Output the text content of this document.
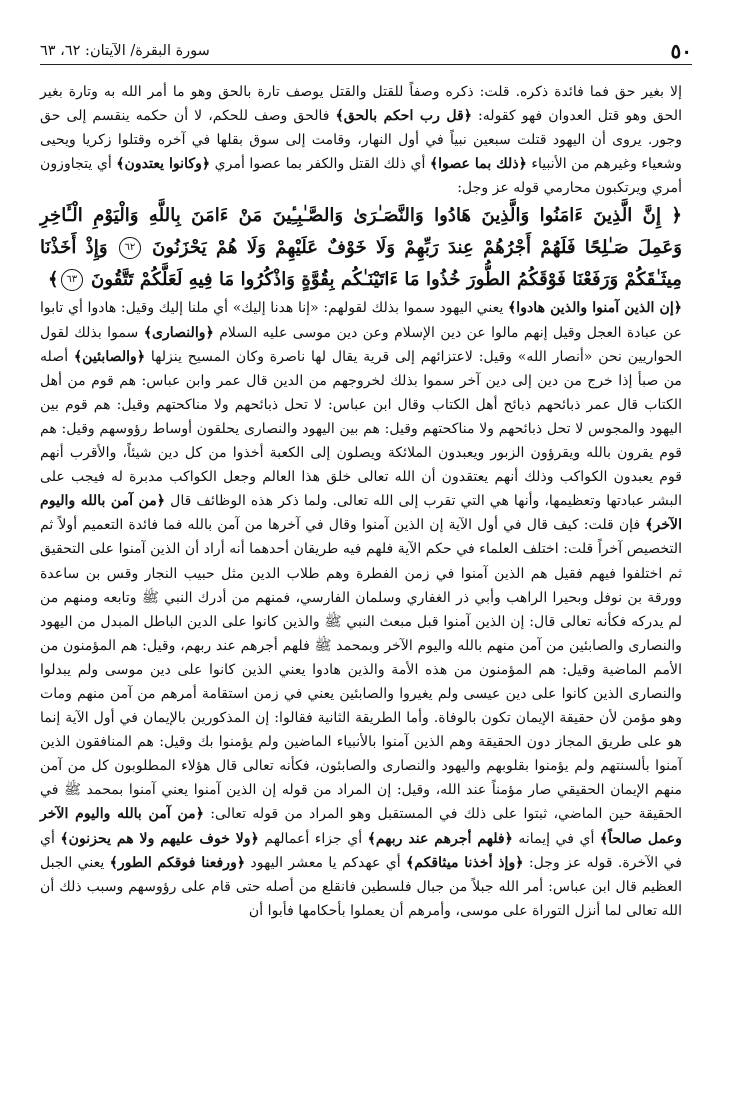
٥٠
سورة البقرة/ الآيتان: ٦٢، ٦٣

إلا بغير حق فما فائدة ذكره. قلت: ذكره وصفاً للقتل والقتل يوصف تارة بالحق وهو ما أمر الله به وتارة بغير الحق وهو قتل العدوان فهو كقوله: ﴿قل رب احكم بالحق﴾ فالحق وصف للحكم، لا أن حكمه ينقسم إلى حق وجور. يروى أن اليهود قتلت سبعين نبياً في أول النهار، وقامت إلى سوق بقلها في آخره وقتلوا زكريا ويحيى وشعياء وغيرهم من الأنبياء ﴿ذلك بما عصوا﴾ أي ذلك القتل والكفر بما عصوا أمري ﴿وكانوا يعتدون﴾ أي يتجاوزون أمري ويرتكبون محارمي قوله عز وجل:

﴿ إِنَّ الَّذِينَ ءَامَنُوا وَالَّذِينَ هَادُوا وَالنَّصَـٰرَىٰ وَالصَّـٰبِـِٔينَ مَنْ ءَامَنَ بِاللَّهِ وَالْيَوْمِ الْـَٔاخِرِ وَعَمِلَ صَـٰلِحًا فَلَهُمْ أَجْرُهُمْ عِندَ رَبِّهِمْ وَلَا خَوْفٌ عَلَيْهِمْ وَلَا هُمْ يَحْزَنُونَ ٦٢ وَإِذْ أَخَذْنَا مِيثَـٰقَكُمْ وَرَفَعْنَا فَوْقَكُمُ الطُّورَ خُذُوا مَا ءَاتَيْنَـٰكُم بِقُوَّةٍ وَاذْكُرُوا مَا فِيهِ لَعَلَّكُمْ تَتَّقُونَ ٦٣﴾

﴿إن الذين آمنوا والذين هادوا﴾ يعني اليهود سموا بذلك لقولهم: «إنا هدنا إليك» أي ملنا إليك وقيل: هادوا أي تابوا عن عبادة العجل وقيل إنهم مالوا عن دين الإسلام وعن دين موسى عليه السلام ﴿والنصارى﴾ سموا بذلك لقول الحواريين نحن «أنصار الله» وقيل: لاعتزائهم إلى قرية يقال لها ناصرة وكان المسيح ينزلها ﴿والصابئين﴾ أصله من صبأ إذا خرج من دين إلى دين آخر سموا بذلك لخروجهم من الدين قال عمر وابن عباس: هم قوم من أهل الكتاب قال عمر ذبائحهم ذبائح أهل الكتاب وقال ابن عباس: لا تحل ذبائحهم ولا مناكحتهم وقيل: هم قوم بين اليهود والمجوس لا تحل ذبائحهم ولا مناكحتهم وقيل: هم بين اليهود والنصارى يحلقون أوساط رؤوسهم وقيل: هم قوم يقرون بالله ويقرؤون الزبور ويعبدون الملائكة ويصلون إلى الكعبة أخذوا من كل دين شيئاً، والأقرب أنهم قوم يعبدون الكواكب وذلك أنهم يعتقدون أن الله تعالى خلق هذا العالم وجعل الكواكب مدبرة له فيجب على البشر عبادتها وتعظيمها، وأنها هي التي تقرب إلى الله تعالى. ولما ذكر هذه الوظائف قال ﴿من آمن بالله واليوم الآخر﴾ فإن قلت: كيف قال في أول الآية إن الذين آمنوا وقال في آخرها من آمن بالله فما فائدة التعميم أولاً ثم التخصيص آخراً قلت: اختلف العلماء في حكم الآية فلهم فيه طريقان أحدهما أنه أراد أن الذين آمنوا على التحقيق ثم اختلفوا فيهم فقيل هم الذين آمنوا في زمن الفطرة وهم طلاب الدين مثل حبيب النجار وقس بن ساعدة وورقة بن نوفل وبحيرا الراهب وأبي ذر الغفاري وسلمان الفارسي، فمنهم من أدرك النبي ﷺ وتابعه ومنهم من لم يدركه فكأنه تعالى قال: إن الذين آمنوا قبل مبعث النبي ﷺ والذين كانوا على الدين الباطل المبدل من اليهود والنصارى والصابئين من آمن منهم بالله واليوم الآخر وبمحمد ﷺ فلهم أجرهم عند ربهم، وقيل: هم المؤمنون من الأمم الماضية وقيل: هم المؤمنون من هذه الأمة والذين هادوا يعني الذين كانوا على دين موسى ولم يبدلوا والنصارى الذين كانوا على دين عيسى ولم يغيروا والصابئين يعني في زمن استقامة أمرهم من آمن منهم ومات وهو مؤمن لأن حقيقة الإيمان تكون بالوفاة. وأما الطريقة الثانية فقالوا: إن المذكورين بالإيمان في أول الآية إنما هو على طريق المجاز دون الحقيقة وهم الذين آمنوا بالأنبياء الماضين ولم يؤمنوا بك وقيل: هم المنافقون الذين آمنوا بألسنتهم ولم يؤمنوا بقلوبهم واليهود والنصارى والصابئون، فكأنه تعالى قال هؤلاء المطلوبون كل من آمن منهم الإيمان الحقيقي صار مؤمناً عند الله، وقيل: إن المراد من قوله إن الذين آمنوا يعني آمنوا بمحمد ﷺ في الحقيقة حين الماضي، ثبتوا على ذلك في المستقبل وهو المراد من قوله تعالى: ﴿من آمن بالله واليوم الآخر وعمل صالحاً﴾ أي في إيمانه ﴿فلهم أجرهم عند ربهم﴾ أي جزاء أعمالهم ﴿ولا خوف عليهم ولا هم يحزنون﴾ أي في الآخرة. قوله عز وجل: ﴿وإذ أخذنا ميثاقكم﴾ أي عهدكم يا معشر اليهود ﴿ورفعنا فوقكم الطور﴾ يعني الجبل العظيم قال ابن عباس: أمر الله جبلاً من جبال فلسطين فانقلع من أصله حتى قام على رؤوسهم وسبب ذلك أن الله تعالى لما أنزل التوراة على موسى، وأمرهم أن يعملوا بأحكامها فأبوا أن
